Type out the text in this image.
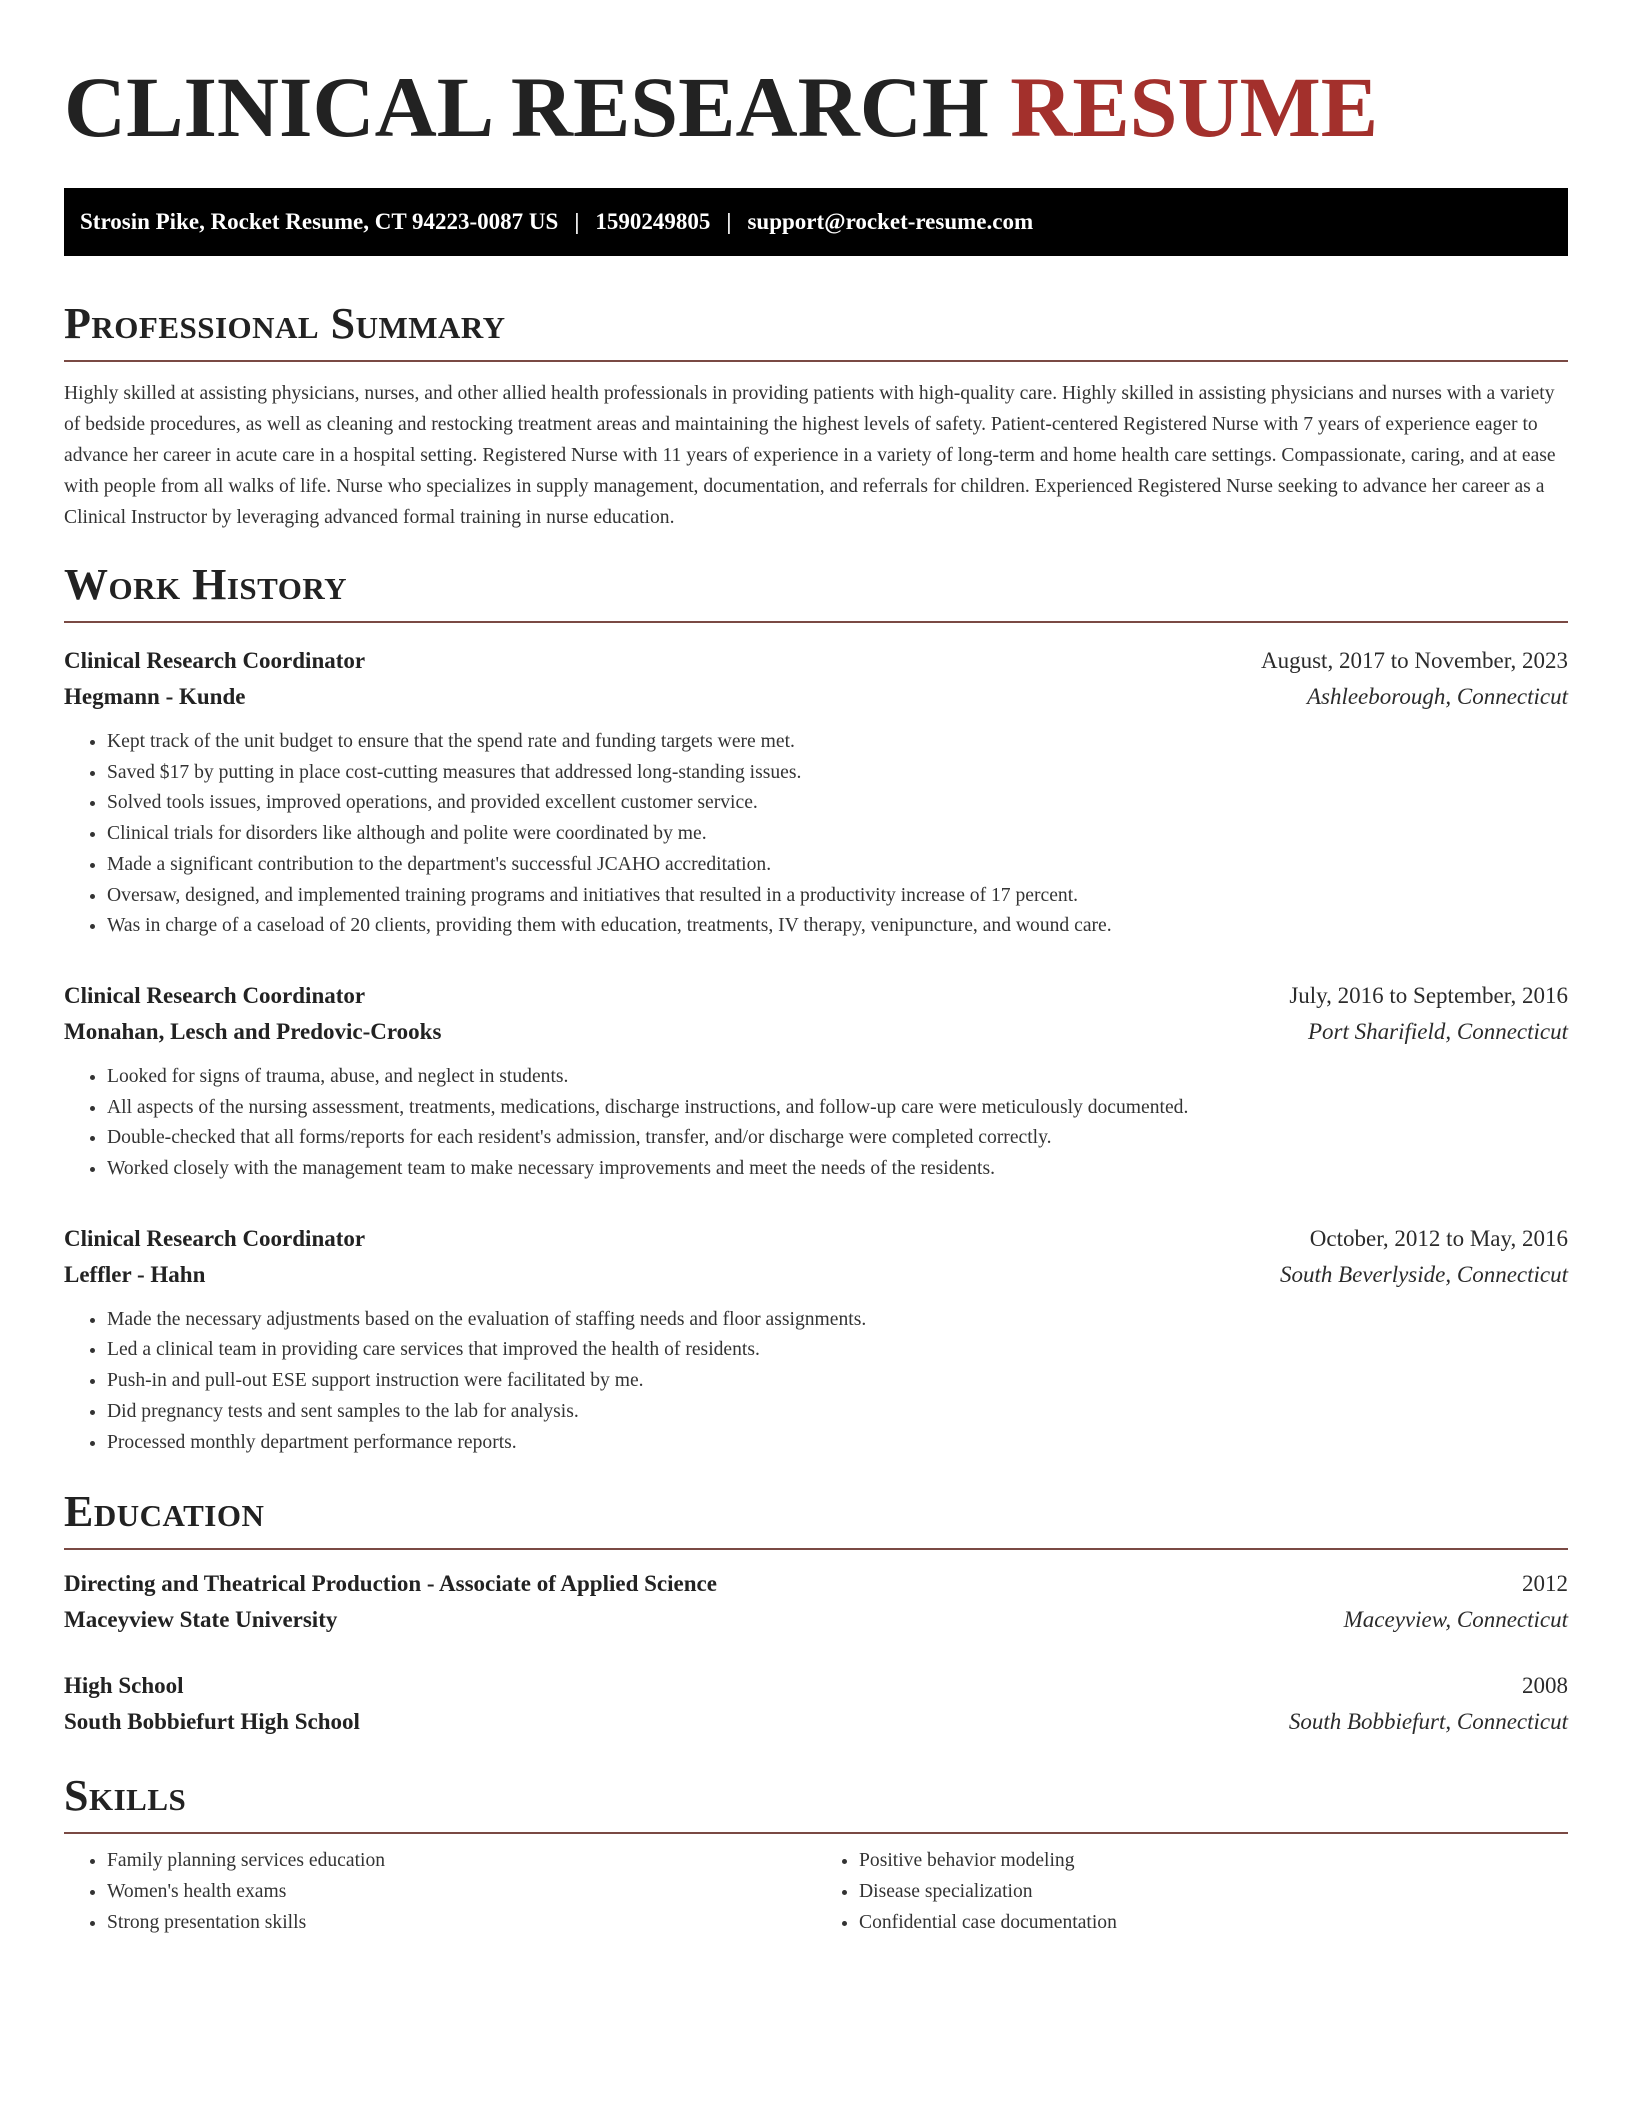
CLINICAL RESEARCH RESUME
Strosin Pike, Rocket Resume, CT 94223-0087 US | 1590249805 | support@rocket-resume.com
Professional Summary

Highly skilled at assisting physicians, nurses, and other allied health professionals in providing patients with high-quality care. Highly skilled in assisting physicians and nurses with a variety of bedside procedures, as well as cleaning and restocking treatment areas and maintaining the highest levels of safety. Patient-centered Registered Nurse with 7 years of experience eager to advance her career in acute care in a hospital setting. Registered Nurse with 11 years of experience in a variety of long-term and home health care settings. Compassionate, caring, and at ease with people from all walks of life. Nurse who specializes in supply management, documentation, and referrals for children. Experienced Registered Nurse seeking to advance her career as a Clinical Instructor by leveraging advanced formal training in nurse education.

Work History
Clinical Research Coordinator	August, 2017 to November, 2023
Hegmann - Kunde	Ashleeborough, Connecticut
• Kept track of the unit budget to ensure that the spend rate and funding targets were met.
• Saved $17 by putting in place cost-cutting measures that addressed long-standing issues.
• Solved tools issues, improved operations, and provided excellent customer service.
• Clinical trials for disorders like although and polite were coordinated by me.
• Made a significant contribution to the department's successful JCAHO accreditation.
• Oversaw, designed, and implemented training programs and initiatives that resulted in a productivity increase of 17 percent.
• Was in charge of a caseload of 20 clients, providing them with education, treatments, IV therapy, venipuncture, and wound care.
Clinical Research Coordinator	July, 2016 to September, 2016
Monahan, Lesch and Predovic-Crooks	Port Sharifield, Connecticut
• Looked for signs of trauma, abuse, and neglect in students.
• All aspects of the nursing assessment, treatments, medications, discharge instructions, and follow-up care were meticulously documented.
• Double-checked that all forms/reports for each resident's admission, transfer, and/or discharge were completed correctly.
• Worked closely with the management team to make necessary improvements and meet the needs of the residents.
Clinical Research Coordinator	October, 2012 to May, 2016
Leffler - Hahn	South Beverlyside, Connecticut
• Made the necessary adjustments based on the evaluation of staffing needs and floor assignments.
• Led a clinical team in providing care services that improved the health of residents.
• Push-in and pull-out ESE support instruction were facilitated by me.
• Did pregnancy tests and sent samples to the lab for analysis.
• Processed monthly department performance reports.
Education
Directing and Theatrical Production - Associate of Applied Science	2012
Maceyview State University	Maceyview, Connecticut
High School	2008
South Bobbiefurt High School	South Bobbiefurt, Connecticut
Skills
• Family planning services education
• Women's health exams
• Strong presentation skills
• Positive behavior modeling
• Disease specialization
• Confidential case documentation
